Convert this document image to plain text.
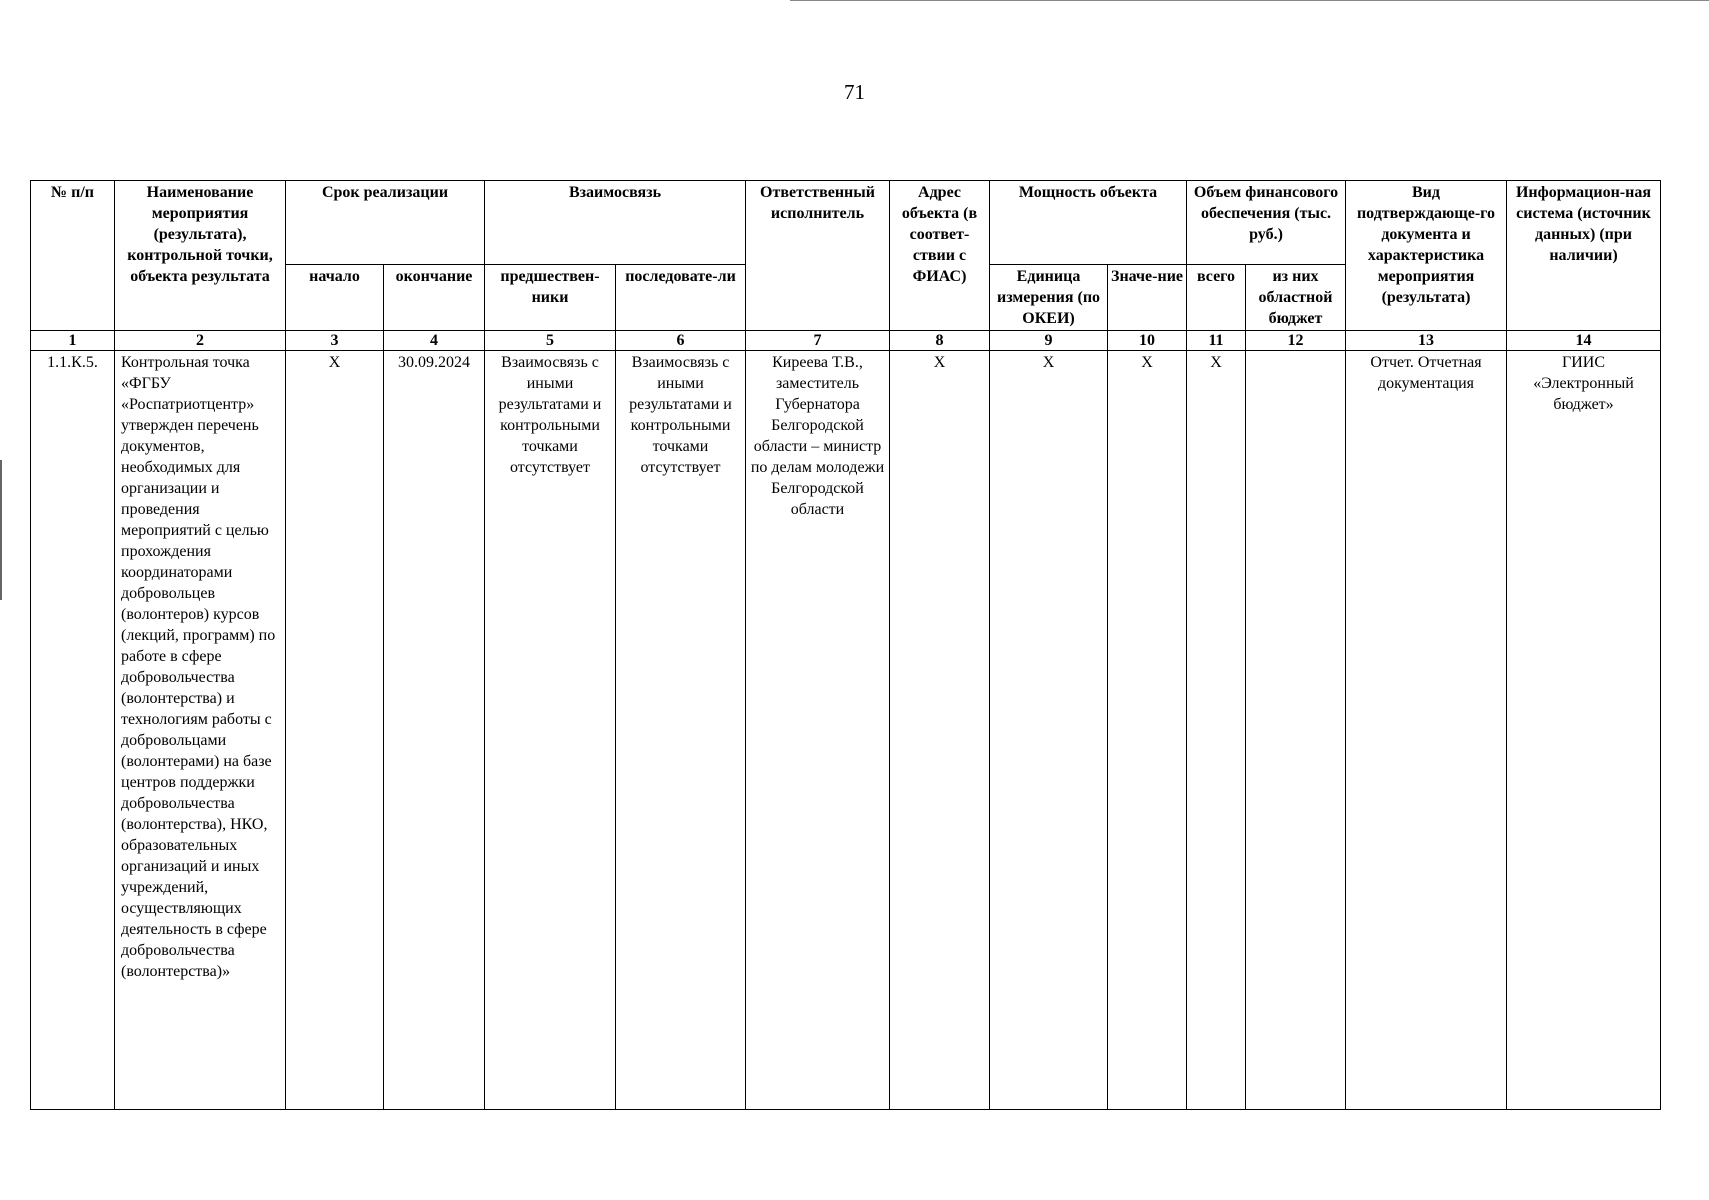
71
№ п/п	Наименование мероприятия (результата), контрольной точки, объекта результата	Срок реализации		Взаимосвязь		Ответственный исполнитель	Адрес объекта (в соответ-ствии с ФИАС)	Мощность объекта		Объем финансового обеспечения (тыс. руб.)		Вид подтверждающе-го документа и характеристика мероприятия (результата)	Информацион-ная система (источник данных) (при наличии)
		начало	окончание	предшествен-ники	последовате-ли			Единица измерения (по ОКЕИ)	Значе-ние	всего	из них областной бюджет		
1	2	3	4	5	6	7	8	9	10	11	12	13	14
1.1.К.5.	Контрольная точка «ФГБУ «Роспатриотцентр» утвержден перечень документов, необходимых для организации и проведения мероприятий с целью прохождения координаторами добровольцев (волонтеров) курсов (лекций, программ) по работе в сфере добровольчества (волонтерства) и технологиям работы с добровольцами (волонтерами) на базе центров поддержки добровольчества (волонтерства), НКО, образовательных организаций и иных учреждений, осуществляющих деятельность в сфере добровольчества (волонтерства)»	X	30.09.2024	Взаимосвязь с иными результатами и контрольными точками отсутствует	Взаимосвязь с иными результатами и контрольными точками отсутствует	Киреева Т.В., заместитель Губернатора Белгородской области – министр по делам молодежи Белгородской области	X	X	X	X		Отчет. Отчетная документация	ГИИС «Электронный бюджет»
